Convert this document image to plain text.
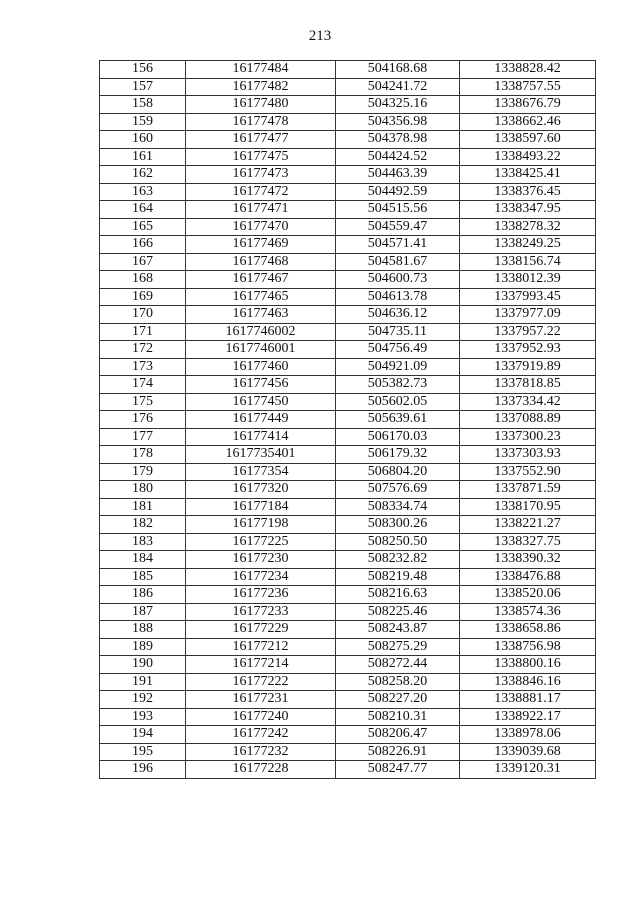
213
156	16177484	504168.68	1338828.42
157	16177482	504241.72	1338757.55
158	16177480	504325.16	1338676.79
159	16177478	504356.98	1338662.46
160	16177477	504378.98	1338597.60
161	16177475	504424.52	1338493.22
162	16177473	504463.39	1338425.41
163	16177472	504492.59	1338376.45
164	16177471	504515.56	1338347.95
165	16177470	504559.47	1338278.32
166	16177469	504571.41	1338249.25
167	16177468	504581.67	1338156.74
168	16177467	504600.73	1338012.39
169	16177465	504613.78	1337993.45
170	16177463	504636.12	1337977.09
171	1617746002	504735.11	1337957.22
172	1617746001	504756.49	1337952.93
173	16177460	504921.09	1337919.89
174	16177456	505382.73	1337818.85
175	16177450	505602.05	1337334.42
176	16177449	505639.61	1337088.89
177	16177414	506170.03	1337300.23
178	1617735401	506179.32	1337303.93
179	16177354	506804.20	1337552.90
180	16177320	507576.69	1337871.59
181	16177184	508334.74	1338170.95
182	16177198	508300.26	1338221.27
183	16177225	508250.50	1338327.75
184	16177230	508232.82	1338390.32
185	16177234	508219.48	1338476.88
186	16177236	508216.63	1338520.06
187	16177233	508225.46	1338574.36
188	16177229	508243.87	1338658.86
189	16177212	508275.29	1338756.98
190	16177214	508272.44	1338800.16
191	16177222	508258.20	1338846.16
192	16177231	508227.20	1338881.17
193	16177240	508210.31	1338922.17
194	16177242	508206.47	1338978.06
195	16177232	508226.91	1339039.68
196	16177228	508247.77	1339120.31
